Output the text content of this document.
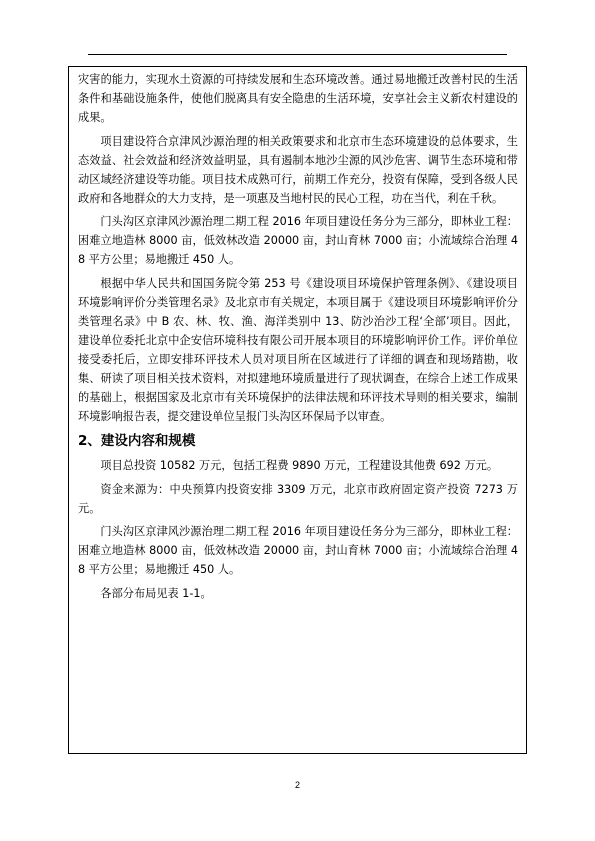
灾害的能力，实现水土资源的可持续发展和生态环境改善。通过易地搬迁改善村民的生活条件和基础设施条件，使他们脱离具有安全隐患的生活环境，安享社会主义新农村建设的成果。

项目建设符合京津风沙源治理的相关政策要求和北京市生态环境建设的总体要求，生态效益、社会效益和经济效益明显，具有遏制本地沙尘源的风沙危害、调节生态环境和带动区域经济建设等功能。项目技术成熟可行，前期工作充分，投资有保障，受到各级人民政府和各地群众的大力支持，是一项惠及当地村民的民心工程，功在当代，利在千秋。

门头沟区京津风沙源治理二期工程 2016 年项目建设任务分为三部分，即林业工程：困难立地造林 8000 亩，低效林改造 20000 亩，封山育林 7000 亩；小流域综合治理 48 平方公里；易地搬迁 450 人。

根据中华人民共和国国务院令第 253 号《建设项目环境保护管理条例》、《建设项目环境影响评价分类管理名录》及北京市有关规定，本项目属于《建设项目环境影响评价分类管理名录》中 B 农、林、牧、渔、海洋类别中 13、防沙治沙工程‘全部’项目。因此，建设单位委托北京中企安信环境科技有限公司开展本项目的环境影响评价工作。评价单位接受委托后，立即安排环评技术人员对项目所在区域进行了详细的调查和现场踏勘，收集、研读了项目相关技术资料，对拟建地环境质量进行了现状调查，在综合上述工作成果的基础上，根据国家及北京市有关环境保护的法律法规和环评技术导则的相关要求，编制环境影响报告表，提交建设单位呈报门头沟区环保局予以审查。

2、建设内容和规模

项目总投资 10582 万元，包括工程费 9890 万元，工程建设其他费 692 万元。

资金来源为：中央预算内投资安排 3309 万元，北京市政府固定资产投资 7273 万元。

门头沟区京津风沙源治理二期工程 2016 年项目建设任务分为三部分，即林业工程：困难立地造林 8000 亩，低效林改造 20000 亩，封山育林 7000 亩；小流域综合治理 48 平方公里；易地搬迁 450 人。

各部分布局见表 1-1。

2
